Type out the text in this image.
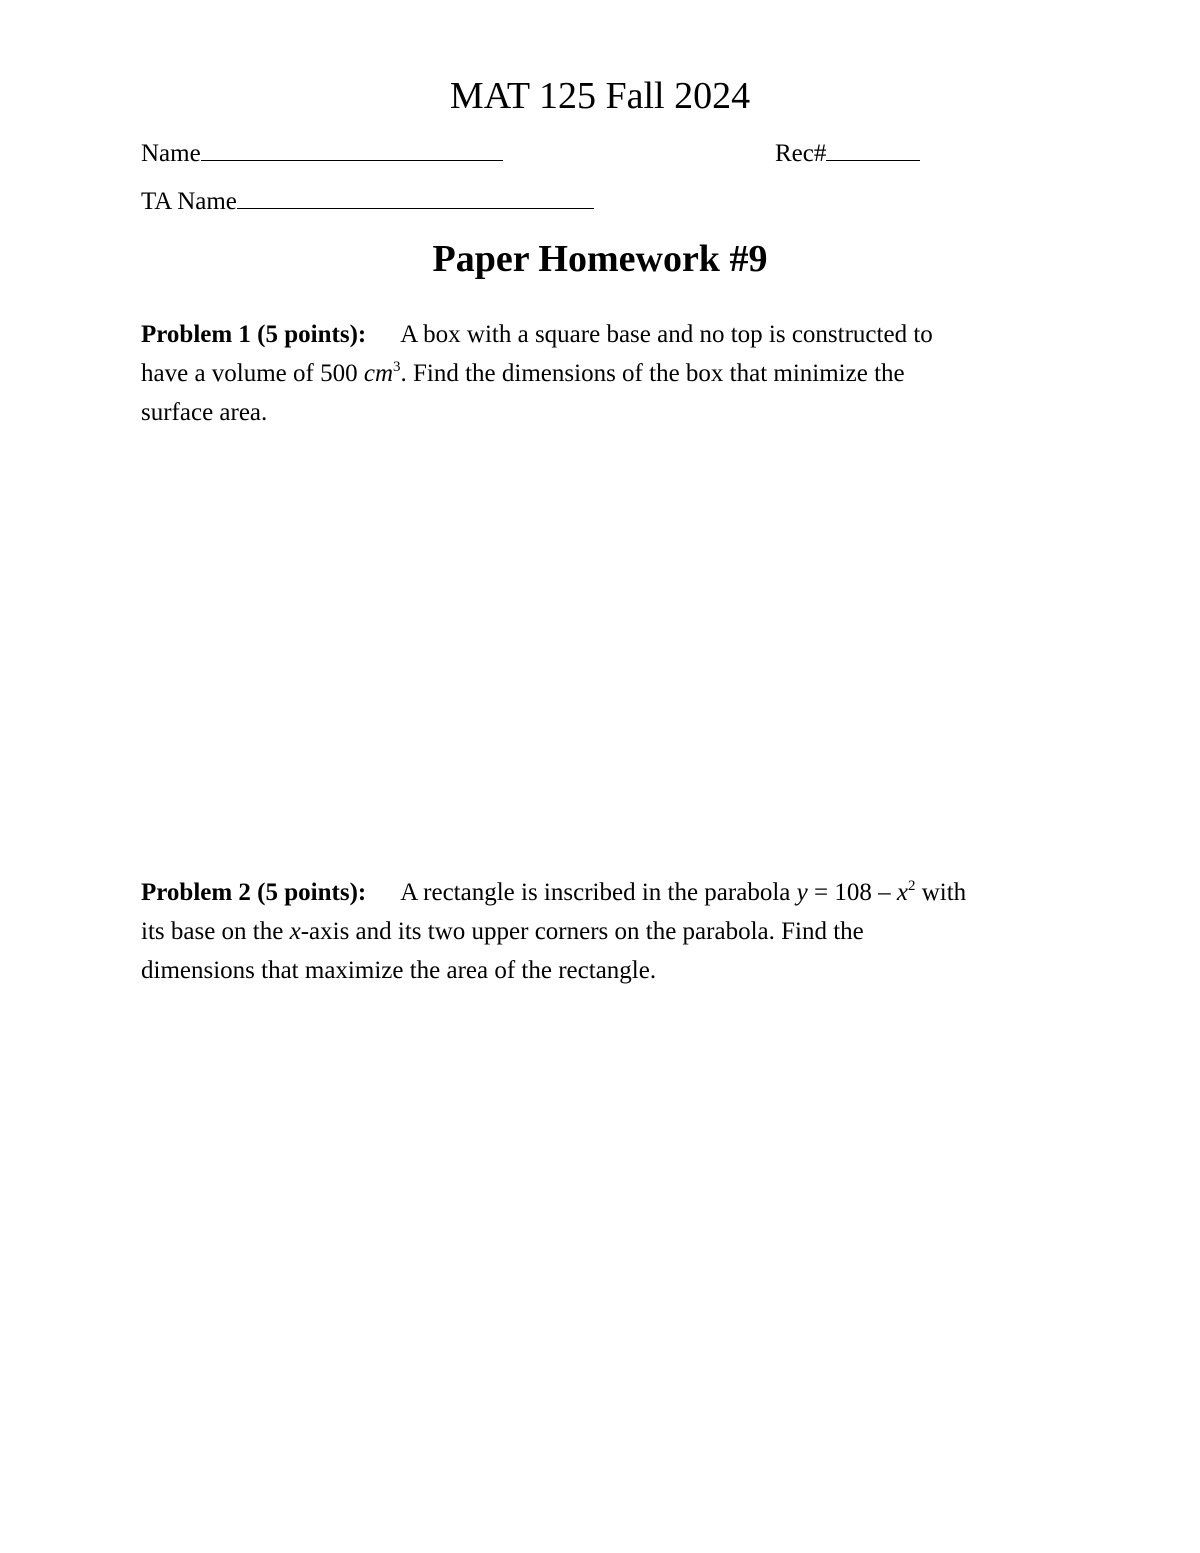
MAT 125 Fall 2024
Name	Rec#
TA Name
Paper Homework #9
Problem 1 (5 points): A box with a square base and no top is constructed to
have a volume of 500 $cm^3$. Find the dimensions of the box that minimize the
surface area.
Problem 2 (5 points): A rectangle is inscribed in the parabola $y = 108 - x^2$ with
its base on the x-axis and its two upper corners on the parabola. Find the
dimensions that maximize the area of the rectangle.
